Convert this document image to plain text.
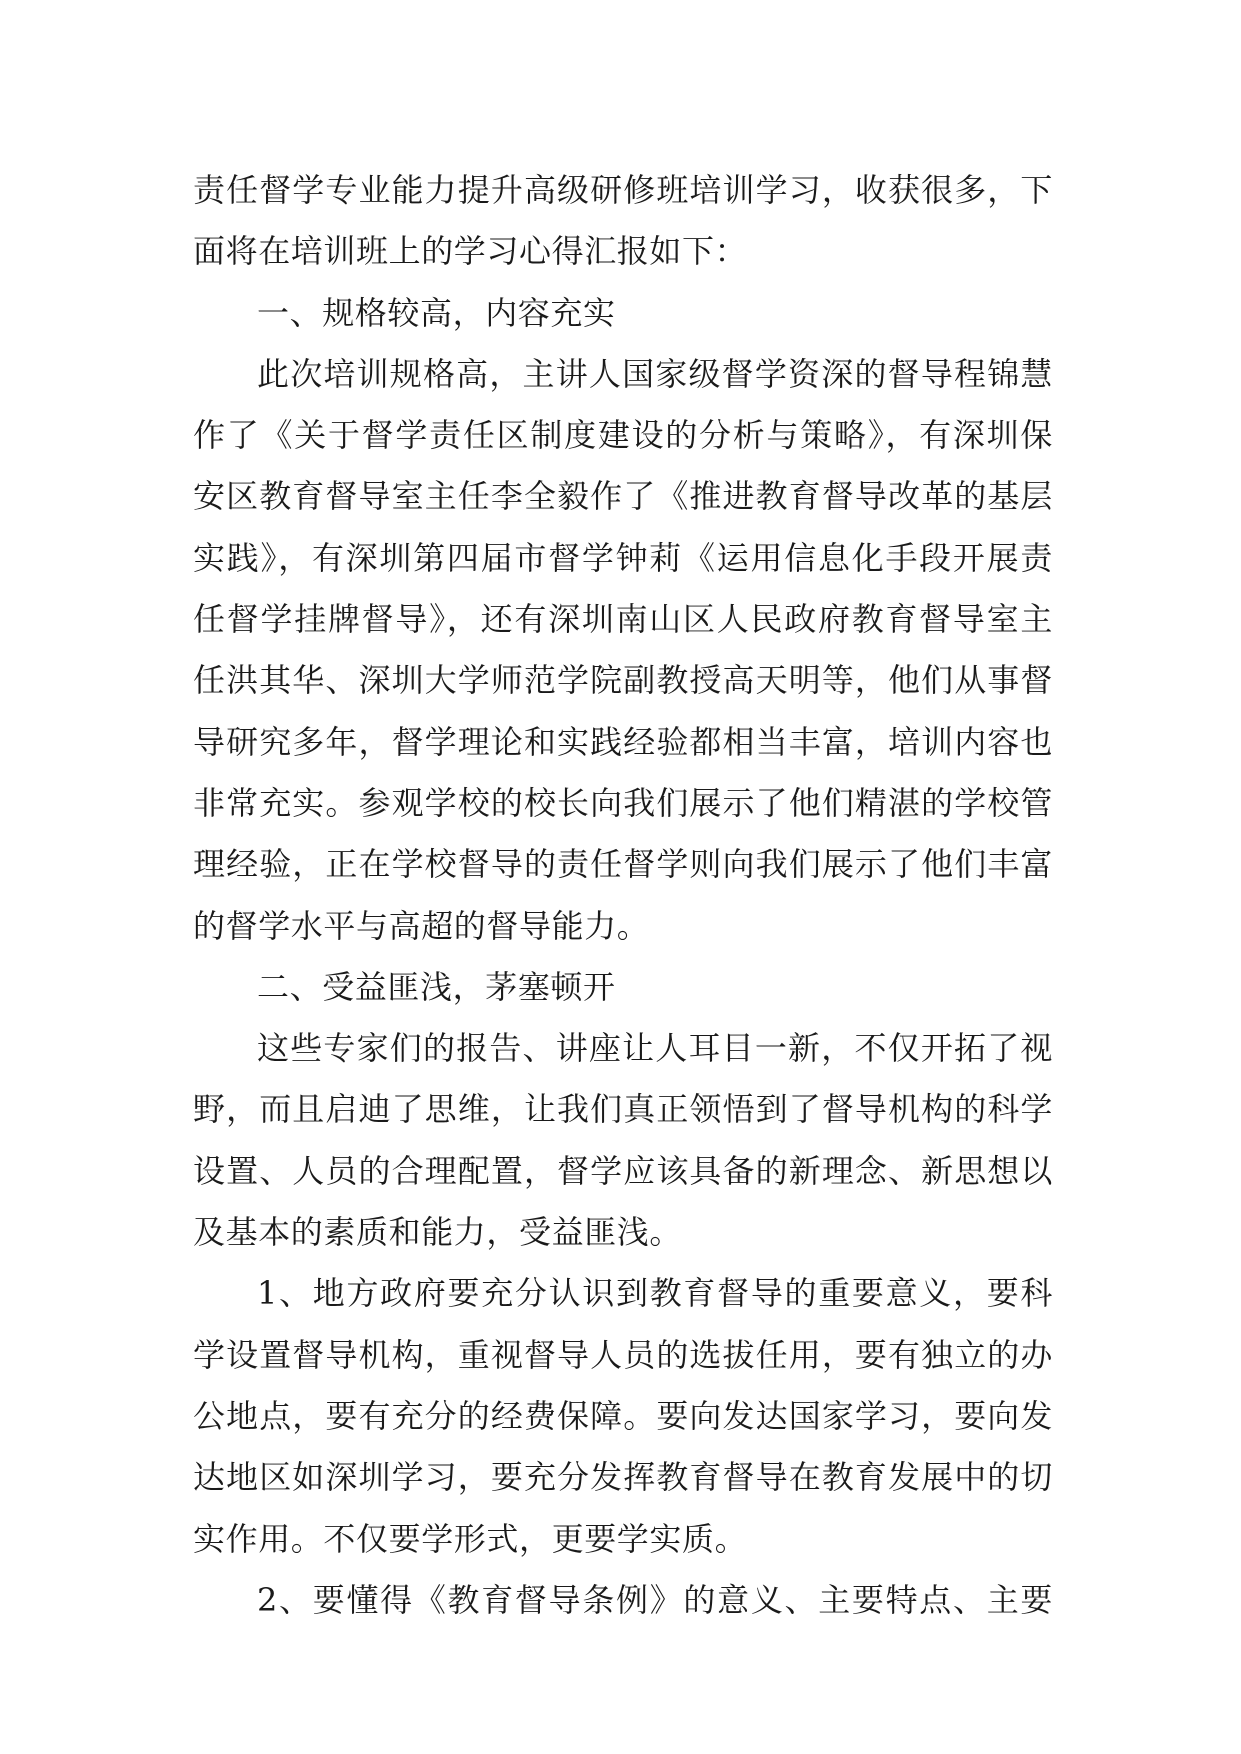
责任督学专业能力提升高级研修班培训学习，收获很多，下
面将在培训班上的学习心得汇报如下：
一、规格较高，内容充实
此次培训规格高，主讲人国家级督学资深的督导程锦慧
作了《关于督学责任区制度建设的分析与策略》，有深圳保
安区教育督导室主任李全毅作了《推进教育督导改革的基层
实践》，有深圳第四届市督学钟莉《运用信息化手段开展责
任督学挂牌督导》，还有深圳南山区人民政府教育督导室主
任洪其华、深圳大学师范学院副教授高天明等，他们从事督
导研究多年，督学理论和实践经验都相当丰富，培训内容也
非常充实。参观学校的校长向我们展示了他们精湛的学校管
理经验，正在学校督导的责任督学则向我们展示了他们丰富
的督学水平与高超的督导能力。
二、受益匪浅，茅塞顿开
这些专家们的报告、讲座让人耳目一新，不仅开拓了视
野，而且启迪了思维，让我们真正领悟到了督导机构的科学
设置、人员的合理配置，督学应该具备的新理念、新思想以
及基本的素质和能力，受益匪浅。
1、地方政府要充分认识到教育督导的重要意义，要科
学设置督导机构，重视督导人员的选拔任用，要有独立的办
公地点，要有充分的经费保障。要向发达国家学习，要向发
达地区如深圳学习，要充分发挥教育督导在教育发展中的切
实作用。不仅要学形式，更要学实质。
2、要懂得《教育督导条例》的意义、主要特点、主要
